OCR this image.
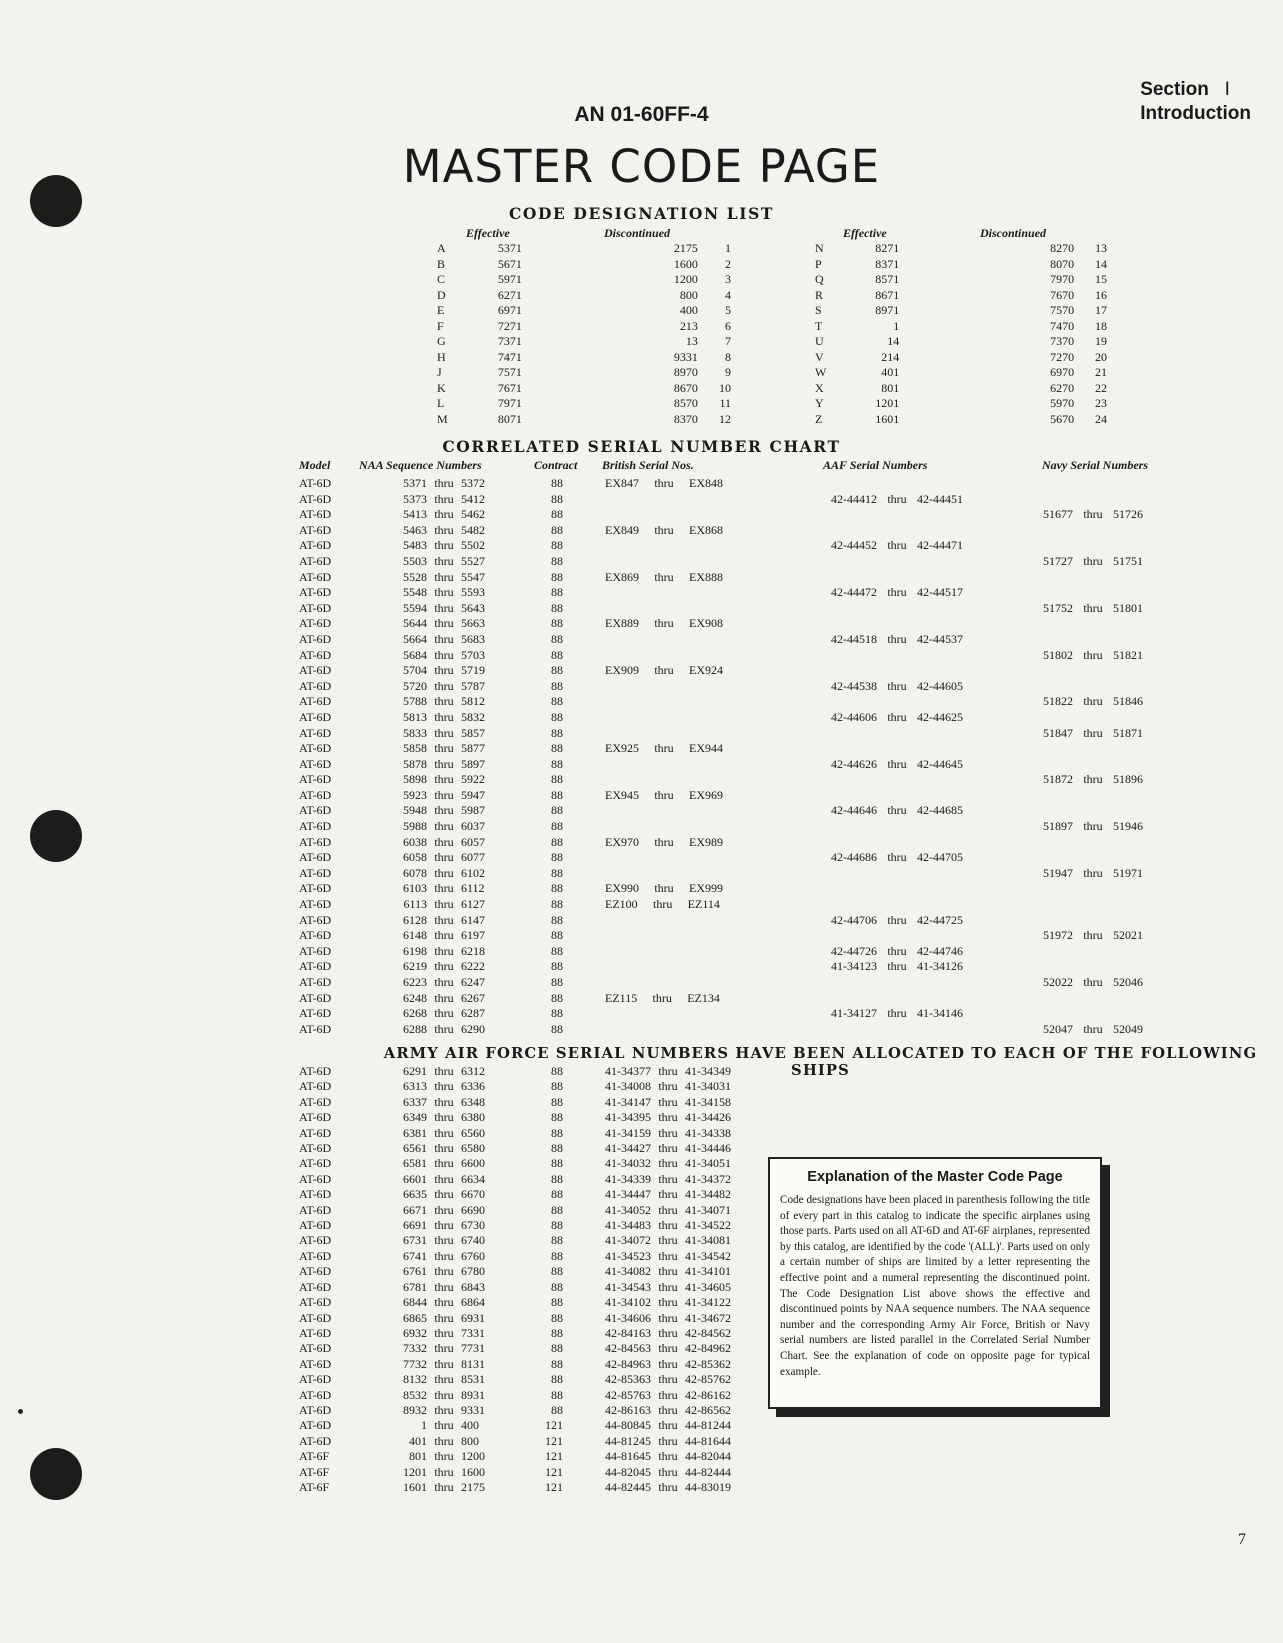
Section I
Introduction
AN 01-60FF-4
MASTER CODE PAGE
CODE DESIGNATION LIST
Effective	Discontinued	Effective	Discontinued
A	5371	2175	1
B	5671	1600	2
C	5971	1200	3
D	6271	800	4
E	6971	400	5
F	7271	213	6
G	7371	13	7
H	7471	9331	8
J	7571	8970	9
K	7671	8670	10
L	7971	8570	11
M	8071	8370	12
N	8271	8270	13
P	8371	8070	14
Q	8571	7970	15
R	8671	7670	16
S	8971	7570	17
T	1	7470	18
U	14	7370	19
V	214	7270	20
W	401	6970	21
X	801	6270	22
Y	1201	5970	23
Z	1601	5670	24
CORRELATED SERIAL NUMBER CHART
Model NAA Sequence Numbers	Contract British Serial Nos.	AAF Serial Numbers	Navy Serial Numbers
AT-6D	5371	thru	5372	88	EX847 thru EX848		
AT-6D	5373	thru	5412	88		42-44412 thru 42-44451	
AT-6D	5413	thru	5462	88			51677 thru 51726
AT-6D	5463	thru	5482	88	EX849 thru EX868		
AT-6D	5483	thru	5502	88		42-44452 thru 42-44471	
AT-6D	5503	thru	5527	88			51727 thru 51751
AT-6D	5528	thru	5547	88	EX869 thru EX888		
AT-6D	5548	thru	5593	88		42-44472 thru 42-44517	
AT-6D	5594	thru	5643	88			51752 thru 51801
AT-6D	5644	thru	5663	88	EX889 thru EX908		
AT-6D	5664	thru	5683	88		42-44518 thru 42-44537	
AT-6D	5684	thru	5703	88			51802 thru 51821
AT-6D	5704	thru	5719	88	EX909 thru EX924		
AT-6D	5720	thru	5787	88		42-44538 thru 42-44605	
AT-6D	5788	thru	5812	88			51822 thru 51846
AT-6D	5813	thru	5832	88		42-44606 thru 42-44625	
AT-6D	5833	thru	5857	88			51847 thru 51871
AT-6D	5858	thru	5877	88	EX925 thru EX944		
AT-6D	5878	thru	5897	88		42-44626 thru 42-44645	
AT-6D	5898	thru	5922	88			51872 thru 51896
AT-6D	5923	thru	5947	88	EX945 thru EX969		
AT-6D	5948	thru	5987	88		42-44646 thru 42-44685	
AT-6D	5988	thru	6037	88			51897 thru 51946
AT-6D	6038	thru	6057	88	EX970 thru EX989		
AT-6D	6058	thru	6077	88		42-44686 thru 42-44705	
AT-6D	6078	thru	6102	88			51947 thru 51971
AT-6D	6103	thru	6112	88	EX990 thru EX999		
AT-6D	6113	thru	6127	88	EZ100 thru EZ114		
AT-6D	6128	thru	6147	88		42-44706 thru 42-44725	
AT-6D	6148	thru	6197	88			51972 thru 52021
AT-6D	6198	thru	6218	88		42-44726 thru 42-44746	
AT-6D	6219	thru	6222	88		41-34123 thru 41-34126	
AT-6D	6223	thru	6247	88			52022 thru 52046
AT-6D	6248	thru	6267	88	EZ115 thru EZ134		
AT-6D	6268	thru	6287	88		41-34127 thru 41-34146	
AT-6D	6288	thru	6290	88			52047 thru 52049
ARMY AIR FORCE SERIAL NUMBERS HAVE BEEN ALLOCATED TO EACH OF THE FOLLOWING SHIPS
AT-6D	6291	thru	6312	88	41-34377 thru 41-34349
AT-6D	6313	thru	6336	88	41-34008 thru 41-34031
AT-6D	6337	thru	6348	88	41-34147 thru 41-34158
AT-6D	6349	thru	6380	88	41-34395 thru 41-34426
AT-6D	6381	thru	6560	88	41-34159 thru 41-34338
AT-6D	6561	thru	6580	88	41-34427 thru 41-34446
AT-6D	6581	thru	6600	88	41-34032 thru 41-34051
AT-6D	6601	thru	6634	88	41-34339 thru 41-34372
AT-6D	6635	thru	6670	88	41-34447 thru 41-34482
AT-6D	6671	thru	6690	88	41-34052 thru 41-34071
AT-6D	6691	thru	6730	88	41-34483 thru 41-34522
AT-6D	6731	thru	6740	88	41-34072 thru 41-34081
AT-6D	6741	thru	6760	88	41-34523 thru 41-34542
AT-6D	6761	thru	6780	88	41-34082 thru 41-34101
AT-6D	6781	thru	6843	88	41-34543 thru 41-34605
AT-6D	6844	thru	6864	88	41-34102 thru 41-34122
AT-6D	6865	thru	6931	88	41-34606 thru 41-34672
AT-6D	6932	thru	7331	88	42-84163 thru 42-84562
AT-6D	7332	thru	7731	88	42-84563 thru 42-84962
AT-6D	7732	thru	8131	88	42-84963 thru 42-85362
AT-6D	8132	thru	8531	88	42-85363 thru 42-85762
AT-6D	8532	thru	8931	88	42-85763 thru 42-86162
AT-6D	8932	thru	9331	88	42-86163 thru 42-86562
AT-6D	1	thru	400	121	44-80845 thru 44-81244
AT-6D	401	thru	800	121	44-81245 thru 44-81644
AT-6F	801	thru	1200	121	44-81645 thru 44-82044
AT-6F	1201	thru	1600	121	44-82045 thru 44-82444
AT-6F	1601	thru	2175	121	44-82445 thru 44-83019
Explanation of the Master Code Page

Code designations have been placed in parenthesis following the title of every part in this catalog to indicate the specific airplanes using those parts. Parts used on all AT-6D and AT-6F airplanes, represented by this catalog, are identified by the code '(ALL)'. Parts used on only a certain number of ships are limited by a letter representing the effective point and a numeral representing the discontinued point. The Code Designation List above shows the effective and discontinued points by NAA sequence numbers. The NAA sequence number and the corresponding Army Air Force, British or Navy serial numbers are listed parallel in the Correlated Serial Number Chart. See the explanation of code on opposite page for typical example.

7
